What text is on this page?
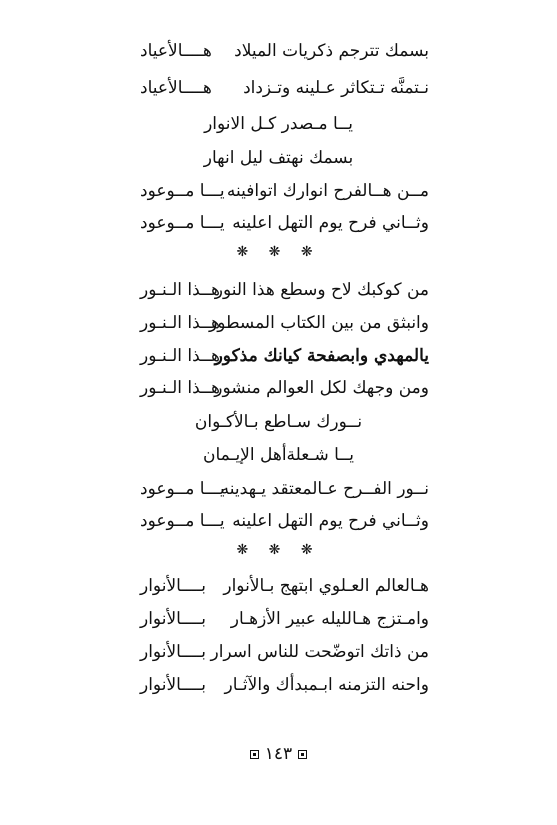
بسمك تترجم ذكريات الميلاد
هــــالأعياد
نـتمنَّه تـتكاثر عـلينه وتـزداد
هــــالأعياد
يــا مـصدر كـل الانوار
بسمك نهتف ليل انهار
مــن هــالفرح انوارك اتوافينه
يـــا مــوعود
وثــاني فرح يوم التهل اعلينه
يـــا مــوعود
❋ ❋ ❋
من كوكبك لاح وسطع هذا النور
هــذا الـنـور
وانبثق من بين الكتاب المسطور
هــذا الـنـور
يالمهدي وابصفحة كيانك مذكور
هــذا الـنـور
ومن وجهك لكل العوالم منشور
هــذا الـنـور
نــورك سـاطع بـالأكـوان
يــا شـعلةأهل الإيـمان
نــور الفــرح عـالمعتقد يـهدينه
يـــا مــوعود
وثــاني فرح يوم التهل اعلينه
يـــا مــوعود
❋ ❋ ❋
هـالعالم العـلوي ابتهج بـالأنوار
بــــالأنوار
وامـتزج هـالليله عبير الأزهـار
بــــالأنوار
من ذاتك اتوضّحت للناس اسرار
بــــالأنوار
واحنه التزمنه ابـمبدأك والآثـار
بــــالأنوار
١٤٣
